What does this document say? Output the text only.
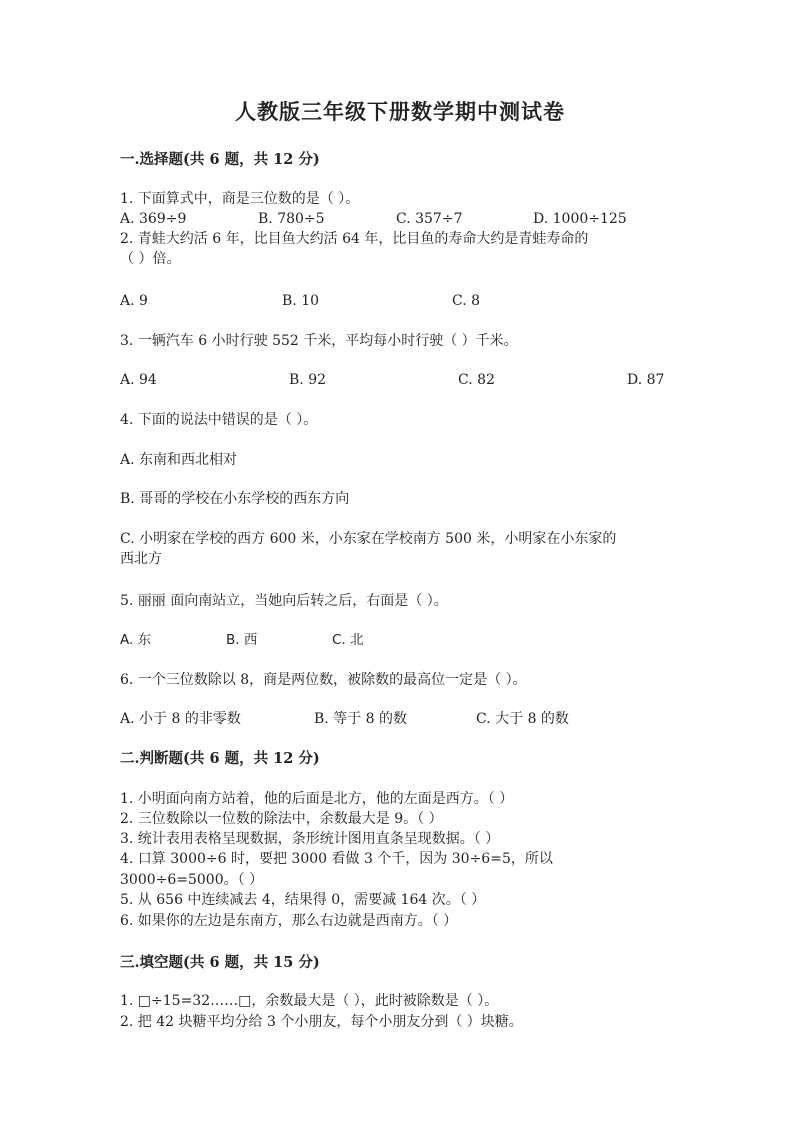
人教版三年级下册数学期中测试卷
一.选择题(共 6 题，共 12 分)
1. 下面算式中，商是三位数的是（ ）。
A. 369÷9	B. 780÷5	C. 357÷7	D. 1000÷125
2. 青蛙大约活 6 年，比目鱼大约活 64 年，比目鱼的寿命大约是青蛙寿命的
（ ）倍。
A. 9	B. 10	C. 8
3. 一辆汽车 6 小时行驶 552 千米，平均每小时行驶（ ）千米。
A. 94	B. 92	C. 82	D. 87
4. 下面的说法中错误的是（ ）。
A. 东南和西北相对
B. 哥哥的学校在小东学校的西东方向
C. 小明家在学校的西方 600 米，小东家在学校南方 500 米，小明家在小东家的
西北方
5. 丽丽 面向南站立，当她向后转之后，右面是（ ）。
A. 东	B. 西	C. 北
6. 一个三位数除以 8，商是两位数，被除数的最高位一定是（ ）。
A. 小于 8 的非零数	B. 等于 8 的数	C. 大于 8 的数
二.判断题(共 6 题，共 12 分)
1. 小明面向南方站着，他的后面是北方，他的左面是西方。（ ）
2. 三位数除以一位数的除法中，余数最大是 9。（ ）
3. 统计表用表格呈现数据，条形统计图用直条呈现数据。（ ）
4. 口算 3000÷6 时，要把 3000 看做 3 个千，因为 30÷6=5，所以
3000÷6=5000。（ ）
5. 从 656 中连续减去 4，结果得 0，需要减 164 次。（ ）
6. 如果你的左边是东南方，那么右边就是西南方。（ ）
三.填空题(共 6 题，共 15 分)
1. □÷15=32……□，余数最大是（ ），此时被除数是（ ）。
2. 把 42 块糖平均分给 3 个小朋友，每个小朋友分到（ ）块糖。
